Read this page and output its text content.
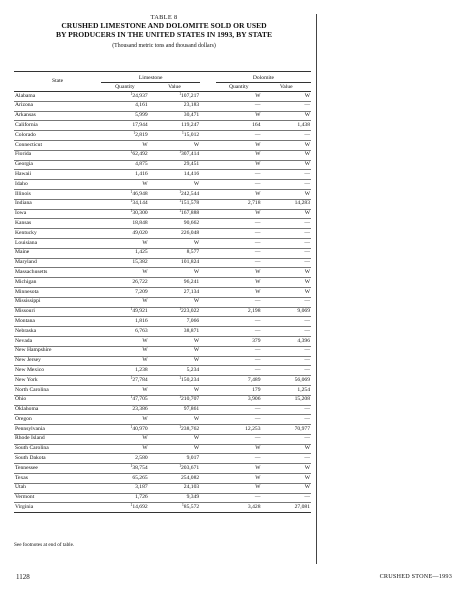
TABLE 8
CRUSHED LIMESTONE AND DOLOMITE SOLD OR USED
BY PRODUCERS IN THE UNITED STATES IN 1993, BY STATE
(Thousand metric tons and thousand dollars)
State	Limestone			Dolomite	
	Quantity	Value		Quantity	Value
Alabama	$^1$24,937	$^1$107,217		W	W
Arizona	4,161	23,183		—	—
Arkansas	5,999	30,471		W	W
California	17,944	119,247		164	1,438
Colorado	$^1$2,819	$^1$15,012		—	—
Connecticut	W	W		W	W
Florida	$^1$62,492	$^1$307,414		W	W
Georgia	4,875	29,451		W	W
Hawaii	1,416	14,416		—	—
Idaho	W	W		—	—
Illinois	$^1$46,948	$^1$242,544		W	W
Indiana	$^1$34,144	$^1$151,578		2,718	14,283
Iowa	$^1$30,300	$^1$167,888		W	W
Kansas	18,848	90,662		—	—
Kentucky	49,020	226,048		—	—
Louisiana	W	W		—	—
Maine	1,425	8,577		—	—
Maryland	15,382	101,824		—	—
Massachusetts	W	W		W	W
Michigan	26,722	96,241		W	W
Minnesota	7,209	27,134		W	W
Mississippi	W	W		—	—
Missouri	$^1$49,921	$^1$223,022		2,198	9,069
Montana	1,816	7,066		—	—
Nebraska	6,763	38,871		—	—
Nevada	W	W		379	4,396
New Hampshire	W	W		—	—
New Jersey	W	W		—	—
New Mexico	1,238	5,234		—	—
New York	$^1$27,784	$^1$150,234		7,489	56,069
North Carolina	W	W		179	1,254
Ohio	$^1$47,705	$^1$210,707		3,906	15,208
Oklahoma	23,386	97,861		—	—
Oregon	W	W		—	—
Pennsylvania	$^1$40,970	$^1$238,762		12,253	70,977
Rhode Island	W	W		—	—
South Carolina	W	W		W	W
South Dakota	2,580	9,017		—	—
Tennessee	$^1$38,754	$^1$203,671		W	W
Texas	65,265	254,082		W	W
Utah	3,187	24,103		W	W
Vermont	1,726	9,349		—	—
Virginia	$^1$14,692	$^1$85,572		3,428	27,081
See footnotes at end of table.
1128	CRUSHED STONE—1993
